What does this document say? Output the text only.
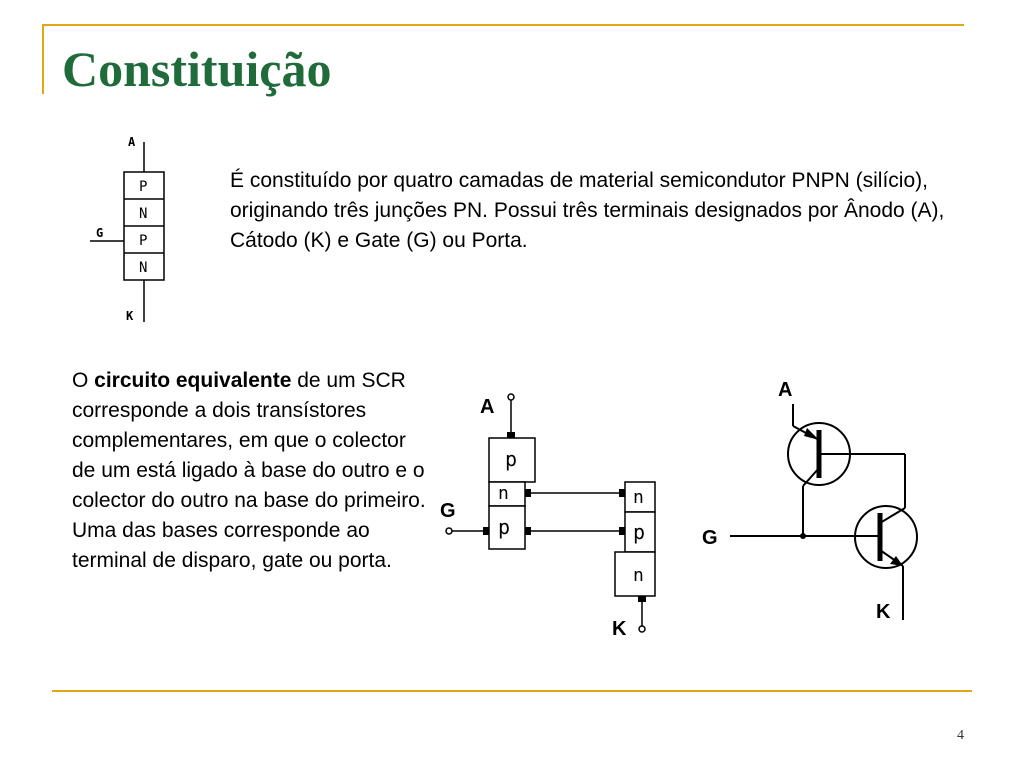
Constituição
A
G
K
P
N
P
N

É constituído por quatro camadas de material semicondutor PNPN (silício), originando três junções PN. Possui três terminais designados por Ânodo (A), Cátodo (K) e Gate (G) ou Porta.

O circuito equivalente de um SCR corresponde a dois transístores complementares, em que o colector de um está ligado à base do outro e o colector do outro na base do primeiro. Uma das bases corresponde ao terminal de disparo, gate ou porta.

A
G
K
p
n
p
n
p
n
A
G
K
4
